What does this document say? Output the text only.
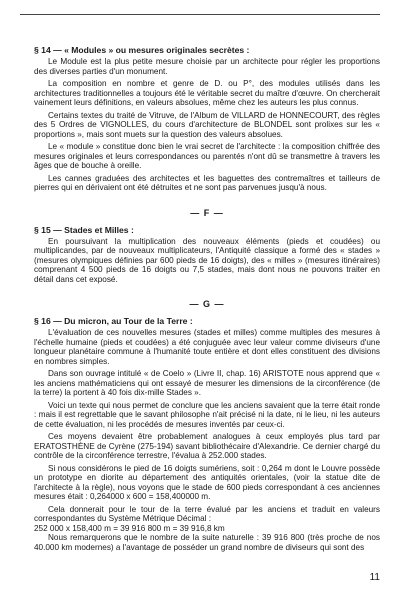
§ 14 — « Modules » ou mesures originales secrètes :

Le Module est la plus petite mesure choisie par un architecte pour régler les proportions des diverses parties d'un monument.

La composition en nombre et genre de D. ou P°, des modules utilisés dans les architectures traditionnelles a toujours été le véritable secret du maître d'œuvre. On chercherait vainement leurs définitions, en valeurs absolues, même chez les auteurs les plus connus.

Certains textes du traité de Vitruve, de l'Album de VILLARD de HONNECOURT, des règles des 5 Ordres de VIGNOLLES, du cours d'architecture de BLONDEL sont prolixes sur les « proportions », mais sont muets sur la question des valeurs absolues.

Le « module » constitue donc bien le vrai secret de l'architecte : la composition chiffrée des mesures originales et leurs correspondances ou parentés n'ont dû se transmettre à travers les âges que de bouche à oreille.

Les cannes graduées des architectes et les baguettes des contremaîtres et tailleurs de pierres qui en dérivaient ont été détruites et ne sont pas parvenues jusqu'à nous.

— F —
§ 15 — Stades et Milles :

En poursuivant la multiplication des nouveaux éléments (pieds et coudées) ou multiplicandes, par de nouveaux multiplicateurs, l'Antiquité classique a formé des « stades » (mesures olympiques définies par 600 pieds de 16 doigts), des « milles » (mesures itinéraires) comprenant 4 500 pieds de 16 doigts ou 7,5 stades, mais dont nous ne pouvons traiter en détail dans cet exposé.

— G —
§ 16 — Du micron, au Tour de la Terre :

L'évaluation de ces nouvelles mesures (stades et milles) comme multiples des mesures à l'échelle humaine (pieds et coudées) a été conjuguée avec leur valeur comme diviseurs d'une longueur planétaire commune à l'humanité toute entière et dont elles constituent des divisions en nombres simples.

Dans son ouvrage intitulé « de Coelo » (Livre II, chap. 16) ARISTOTE nous apprend que « les anciens mathématiciens qui ont essayé de mesurer les dimensions de la circonférence (de la terre) la portent à 40 fois dix-mille Stades ».

Voici un texte qui nous permet de conclure que les anciens savaient que la terre était ronde : mais il est regrettable que le savant philosophe n'ait précisé ni la date, ni le lieu, ni les auteurs de cette évaluation, ni les procédés de mesures inventés par ceux-ci.

Ces moyens devaient être probablement analogues à ceux employés plus tard par ERATOSTHÈNE de Cyrène (275-194) savant bibliothécaire d'Alexandrie. Ce dernier chargé du contrôle de la circonférence terrestre, l'évalua à 252.000 stades.

Si nous considérons le pied de 16 doigts sumériens, soit : 0,264 m dont le Louvre possède un prototype en diorite au département des antiquités orientales, (voir la statue dite de l'architecte à la règle), nous voyons que le stade de 600 pieds correspondant à ces anciennes mesures était : 0,264000 x 600 = 158,400000 m.

Cela donnerait pour le tour de la terre évalué par les anciens et traduit en valeurs correspondantes du Système Métrique Décimal :

252 000 x 158,400 m = 39 916 800 m = 39 916,8 km

Nous remarquerons que le nombre de la suite naturelle : 39 916 800 (très proche de nos 40.000 km modernes) a l'avantage de posséder un grand nombre de diviseurs qui sont des

11
